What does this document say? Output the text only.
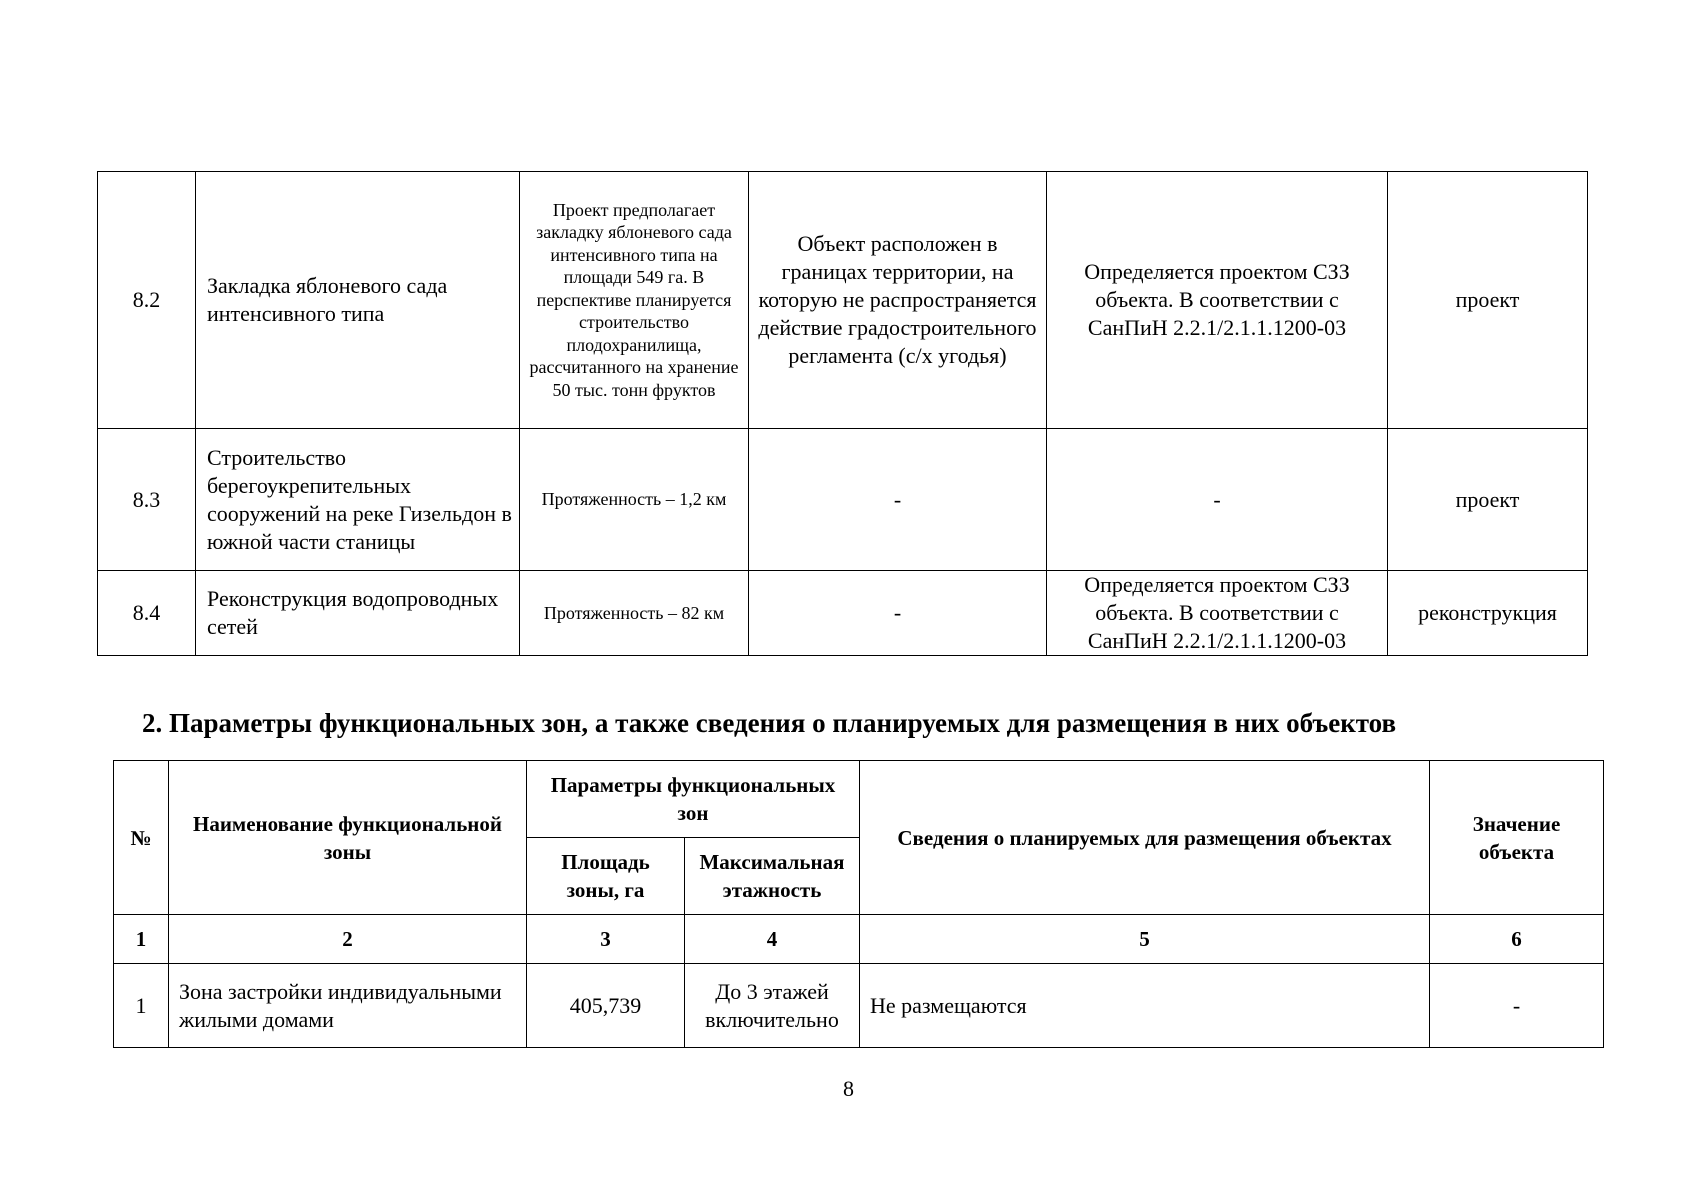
8.2	Закладка яблоневого сада интенсивного типа	Проект предполагает закладку яблоневого сада интенсивного типа на площади 549 га. В перспективе планируется строительство плодохранилища, рассчитанного на хранение 50 тыс. тонн фруктов	Объект расположен в границах территории, на которую не распространяется действие градостроительного регламента (с/х угодья)	Определяется проектом СЗЗ объекта. В соответствии с СанПиН 2.2.1/2.1.1.1200-03	проект
8.3	Строительство берегоукрепительных сооружений на реке Гизельдон в южной части станицы	Протяженность – 1,2 км	-	-	проект
8.4	Реконструкция водопроводных сетей	Протяженность – 82 км	-	Определяется проектом СЗЗ объекта. В соответствии с СанПиН 2.2.1/2.1.1.1200-03	реконструкция
2. Параметры функциональных зон, а также сведения о планируемых для размещения в них объектов
№	Наименование функциональной зоны	Параметры функциональных зон		Сведения о планируемых для размещения объектах	Значение объекта
		Площадь зоны, га	Максимальная этажность		
1	2	3	4	5	6
1	Зона застройки индивидуальными жилыми домами	405,739	До 3 этажей включительно	Не размещаются	-
8
